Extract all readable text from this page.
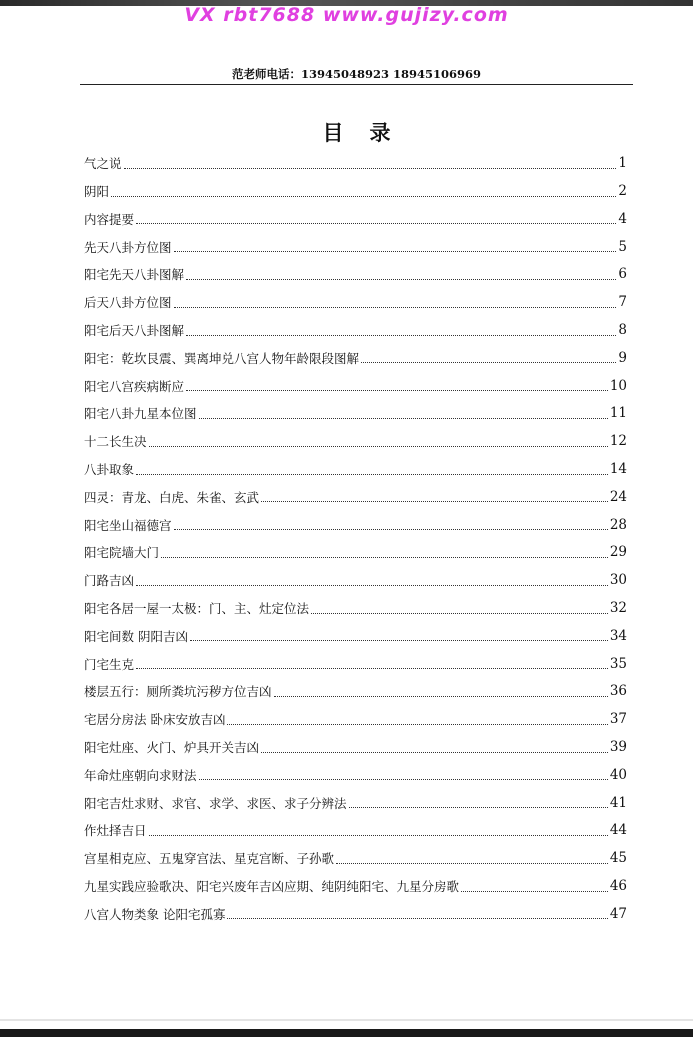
VX rbt7688 www.gujizy.com
范老师电话：13945048923 18945106969
目录
气之说	1
阴阳	2
内容提要	4
先天八卦方位图	5
阳宅先天八卦图解	6
后天八卦方位图	7
阳宅后天八卦图解	8
阳宅：乾坎艮震、巽离坤兑八宫人物年龄限段图解	9
阳宅八宫疾病断应	10
阳宅八卦九星本位图	11
十二长生决	12
八卦取象	14
四灵：青龙、白虎、朱雀、玄武	24
阳宅坐山福德宫	28
阳宅院墙大门	29
门路吉凶	30
阳宅各居一屋一太极：门、主、灶定位法	32
阳宅间数 阴阳吉凶	34
门宅生克	35
楼层五行：厕所粪坑污秽方位吉凶	36
宅居分房法 卧床安放吉凶	37
阳宅灶座、火门、炉具开关吉凶	39
年命灶座朝向求财法	40
阳宅吉灶求财、求官、求学、求医、求子分辨法	41
作灶择吉日	44
宫星相克应、五鬼穿宫法、星克宫断、子孙歌	45
九星实践应验歌决、阳宅兴废年吉凶应期、纯阴纯阳宅、九星分房歌	46
八宫人物类象 论阳宅孤寡	47
